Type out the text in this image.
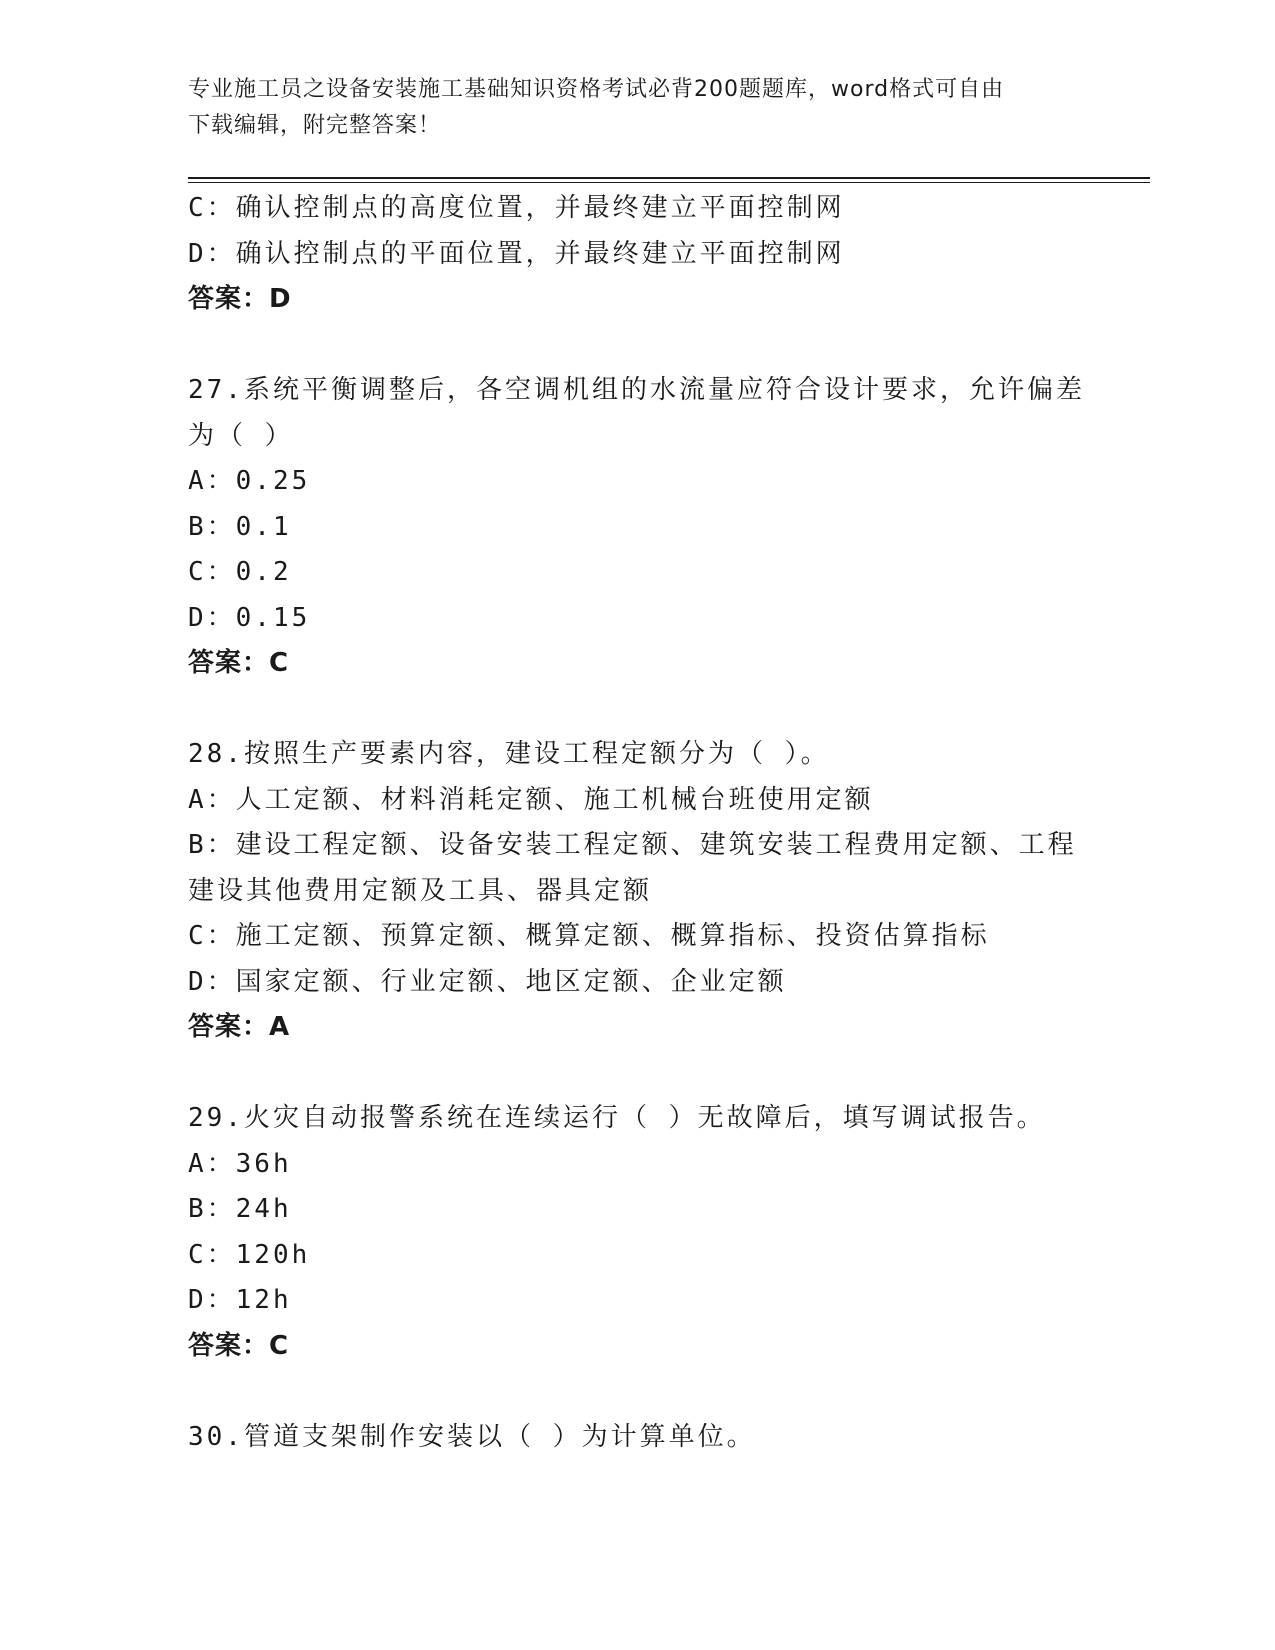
专业施工员之设备安装施工基础知识资格考试必背200题题库，word格式可自由
下载编辑，附完整答案！
C：确认控制点的高度位置，并最终建立平面控制网
D：确认控制点的平面位置，并最终建立平面控制网
答案：D
27.系统平衡调整后，各空调机组的水流量应符合设计要求，允许偏差
为（ ）
A：0.25
B：0.1
C：0.2
D：0.15
答案：C
28.按照生产要素内容，建设工程定额分为（ ）。
A：人工定额、材料消耗定额、施工机械台班使用定额
B：建设工程定额、设备安装工程定额、建筑安装工程费用定额、工程
建设其他费用定额及工具、器具定额
C：施工定额、预算定额、概算定额、概算指标、投资估算指标
D：国家定额、行业定额、地区定额、企业定额
答案：A
29.火灾自动报警系统在连续运行（ ）无故障后，填写调试报告。
A：36h
B：24h
C：120h
D：12h
答案：C
30.管道支架制作安装以（ ）为计算单位。
